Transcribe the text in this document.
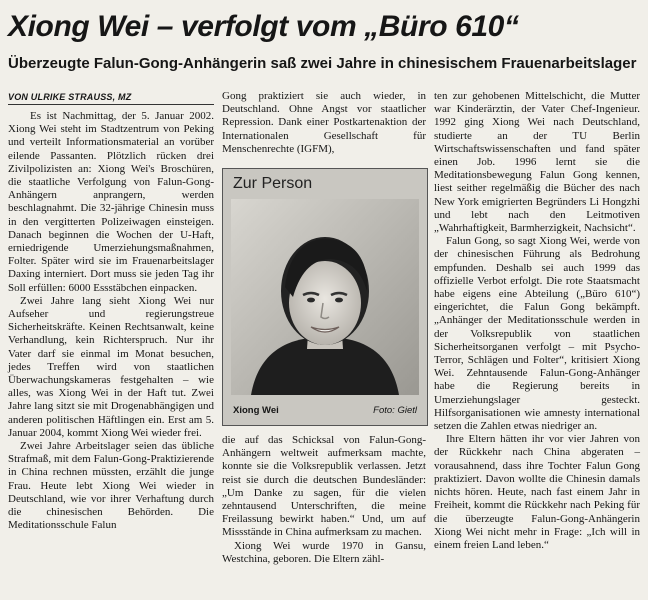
Xiong Wei – verfolgt vom „Büro 610“
Überzeugte Falun-Gong-Anhängerin saß zwei Jahre in chinesischem Frauenarbeitslager
VON ULRIKE STRAUSS, MZ

Es ist Nachmittag, der 5. Januar 2002. Xiong Wei steht im Stadtzentrum von Peking und verteilt Informationsmaterial an vorüber eilende Passanten. Plötzlich rücken drei Zivilpolizisten an: Xiong Wei's Broschüren, die staatliche Verfolgung von Falun-Gong-Anhängern anprangern, werden beschlagnahmt. Die 32-jährige Chinesin muss in den vergitterten Polizeiwagen einsteigen. Danach beginnen die Wochen der U-Haft, erniedrigende Umerziehungsmaßnahmen, Folter. Später wird sie im Frauenarbeitslager Daxing interniert. Dort muss sie jeden Tag ihr Soll erfüllen: 6000 Essstäbchen einpacken.

Zwei Jahre lang sieht Xiong Wei nur Aufseher und regierungstreue Sicherheitskräfte. Keinen Rechtsanwalt, keine Verhandlung, kein Richterspruch. Nur ihr Vater darf sie einmal im Monat besuchen, jedes Treffen wird von staatlichen Überwachungskameras festgehalten – wie alles, was Xiong Wei in der Haft tut. Zwei Jahre lang sitzt sie mit Drogenabhängigen und anderen politischen Häftlingen ein. Erst am 5. Januar 2004, kommt Xiong Wei wieder frei.

Zwei Jahre Arbeitslager seien das übliche Strafmaß, mit dem Falun-Gong-Praktizierende in China rechnen müssten, erzählt die junge Frau. Heute lebt Xiong Wei wieder in Deutschland, wie vor ihrer Verhaftung durch die chinesischen Behörden. Die Meditationsschule Falun

Gong praktiziert sie auch wieder, in Deutschland. Ohne Angst vor staatlicher Repression. Dank einer Postkartenaktion der Internationalen Gesellschaft für Menschenrechte (IGFM),

Zur Person
Xiong Wei	Foto: Gietl

die auf das Schicksal von Falun-Gong-Anhängern weltweit aufmerksam machte, konnte sie die Volksrepublik verlassen. Jetzt reist sie durch die deutschen Bundesländer: „Um Danke zu sagen, für die vielen zehntausend Unterschriften, die meine Freilassung bewirkt haben.“ Und, um auf Missstände in China aufmerksam zu machen.

Xiong Wei wurde 1970 in Gansu, Westchina, geboren. Die Eltern zähl-

ten zur gehobenen Mittelschicht, die Mutter war Kinderärztin, der Vater Chef-Ingenieur. 1992 ging Xiong Wei nach Deutschland, studierte an der TU Berlin Wirtschaftswissenschaften und fand später einen Job. 1996 lernt sie die Meditationsbewegung Falun Gong kennen, liest seither regelmäßig die Bücher des nach New York emigrierten Begründers Li Hongzhi und lebt nach den Leitmotiven „Wahrhaftigkeit, Barmherzigkeit, Nachsicht“.

Falun Gong, so sagt Xiong Wei, werde von der chinesischen Führung als Bedrohung empfunden. Deshalb sei auch 1999 das offizielle Verbot erfolgt. Die rote Staatsmacht habe eigens eine Abteilung („Büro 610“) eingerichtet, die Falun Gong bekämpft. „Anhänger der Meditationsschule werden in der Volksrepublik von staatlichen Sicherheitsorganen verfolgt – mit Psycho-Terror, Schlägen und Folter“, kritisiert Xiong Wei. Zehntausende Falun-Gong-Anhänger habe die Regierung bereits in Umerziehungslager gesteckt. Hilfsorganisationen wie amnesty international setzen die Zahlen etwas niedriger an.

Ihre Eltern hätten ihr vor vier Jahren von der Rückkehr nach China abgeraten – vorausahnend, dass ihre Tochter Falun Gong praktiziert. Davon wollte die Chinesin damals nichts hören. Heute, nach fast einem Jahr in Freiheit, kommt die Rückkehr nach Peking für die überzeugte Falun-Gong-Anhängerin Xiong Wei nicht mehr in Frage: „Ich will in einem freien Land leben.“
